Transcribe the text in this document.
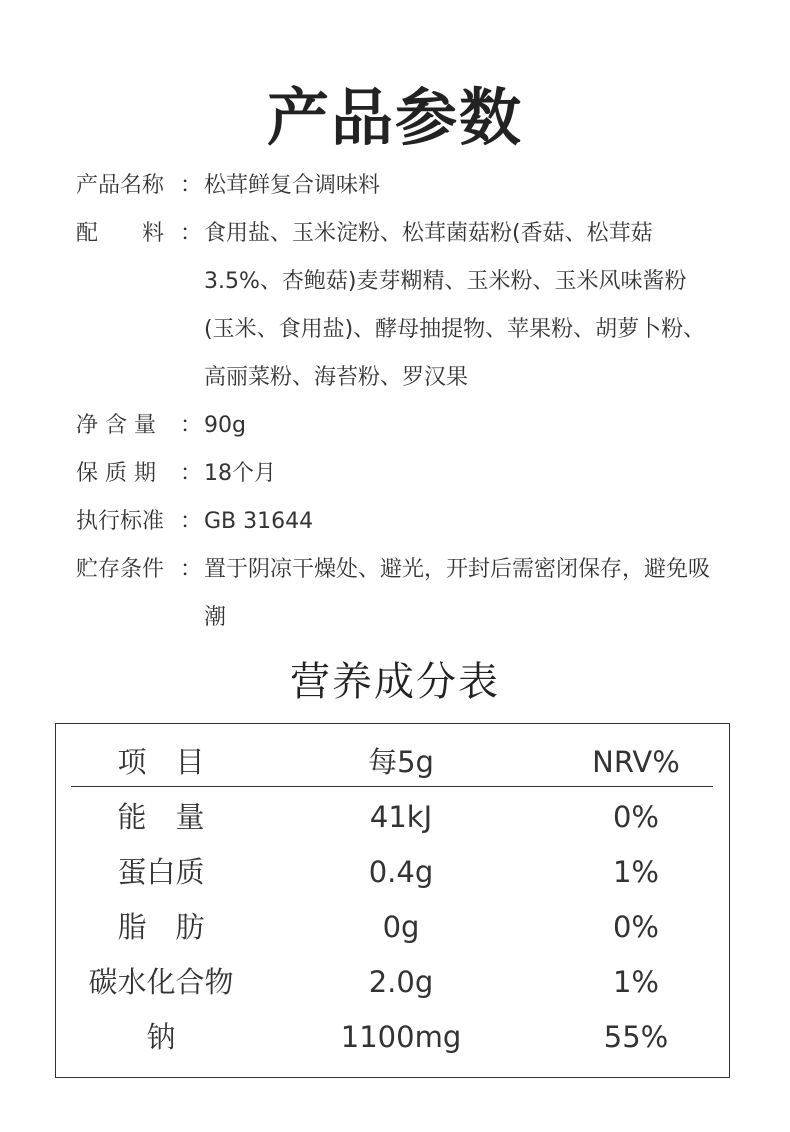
产品参数
产品名称 ： 松茸鲜复合调味料
配　　料 ： 食用盐、玉米淀粉、松茸菌菇粉(香菇、松茸菇3.5%、杏鲍菇)麦芽糊精、玉米粉、玉米风味酱粉(玉米、食用盐)、酵母抽提物、苹果粉、胡萝卜粉、高丽菜粉、海苔粉、罗汉果
净 含 量	： 90g
保 质 期	： 18个月
执行标准 ： GB 31644
贮存条件 ： 置于阴凉干燥处、避光，开封后需密闭保存，避免吸潮
营养成分表
项　目	每5g	NRV%
能　量	41kJ	0%
蛋白质	0.4g	1%
脂　肪	0g	0%
碳水化合物	2.0g	1%
钠	1100mg	55%
